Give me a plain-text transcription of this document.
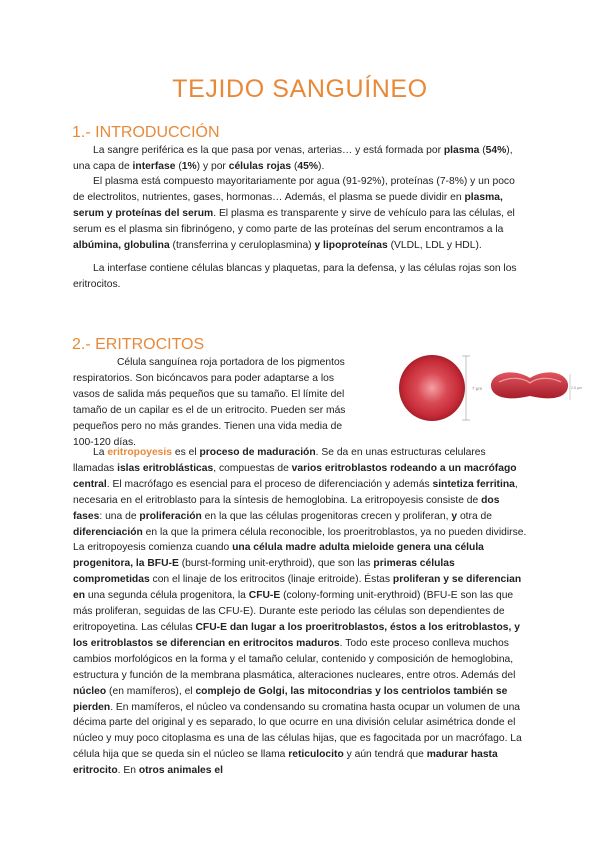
TEJIDO SANGUÍNEO
1.- INTRODUCCIÓN

La sangre periférica es la que pasa por venas, arterias… y está formada por plasma (54%), una capa de interfase (1%) y por células rojas (45%).

El plasma está compuesto mayoritariamente por agua (91-92%), proteínas (7-8%) y un poco de electrolitos, nutrientes, gases, hormonas… Además, el plasma se puede dividir en plasma, serum y proteínas del serum. El plasma es transparente y sirve de vehículo para las células, el serum es el plasma sin fibrinógeno, y como parte de las proteínas del serum encontramos a la albúmina, globulina (transferrina y ceruloplasmina) y lipoproteínas (VLDL, LDL y HDL).

La interfase contiene células blancas y plaquetas, para la defensa, y las células rojas son los eritrocitos.

2.- ERITROCITOS

Célula sanguínea roja portadora de los pigmentos respiratorios. Son bicóncavos para poder adaptarse a los vasos de salida más pequeños que su tamaño. El límite del tamaño de un capilar es el de un eritrocito. Pueden ser más pequeños pero no más grandes. Tienen una vida media de 100-120 días.

7 µm	2,5 µm

La eritropoyesis es el proceso de maduración. Se da en unas estructuras celulares llamadas islas eritroblásticas, compuestas de varios eritroblastos rodeando a un macrófago central. El macrófago es esencial para el proceso de diferenciación y además sintetiza ferritina, necesaria en el eritroblasto para la síntesis de hemoglobina. La eritropoyesis consiste de dos fases: una de proliferación en la que las células progenitoras crecen y proliferan, y otra de diferenciación en la que la primera célula reconocible, los proeritroblastos, ya no pueden dividirse. La eritropoyesis comienza cuando una célula madre adulta mieloide genera una célula progenitora, la BFU-E (burst-forming unit-erythroid), que son las primeras células comprometidas con el linaje de los eritrocitos (linaje eritroide). Éstas proliferan y se diferencian en una segunda célula progenitora, la CFU-E (colony-forming unit-erythroid) (BFU-E son las que más proliferan, seguidas de las CFU-E). Durante este periodo las células son dependientes de eritropoyetina. Las células CFU-E dan lugar a los proeritroblastos, éstos a los eritroblastos, y los eritroblastos se diferencian en eritrocitos maduros. Todo este proceso conlleva muchos cambios morfológicos en la forma y el tamaño celular, contenido y composición de hemoglobina, estructura y función de la membrana plasmática, alteraciones nucleares, entre otros. Además del núcleo (en mamíferos), el complejo de Golgi, las mitocondrias y los centriolos también se pierden. En mamíferos, el núcleo va condensando su cromatina hasta ocupar un volumen de una décima parte del original y es separado, lo que ocurre en una división celular asimétrica donde el núcleo y muy poco citoplasma es una de las células hijas, que es fagocitada por un macrófago. La célula hija que se queda sin el núcleo se llama reticulocito y aún tendrá que madurar hasta eritrocito. En otros animales el
